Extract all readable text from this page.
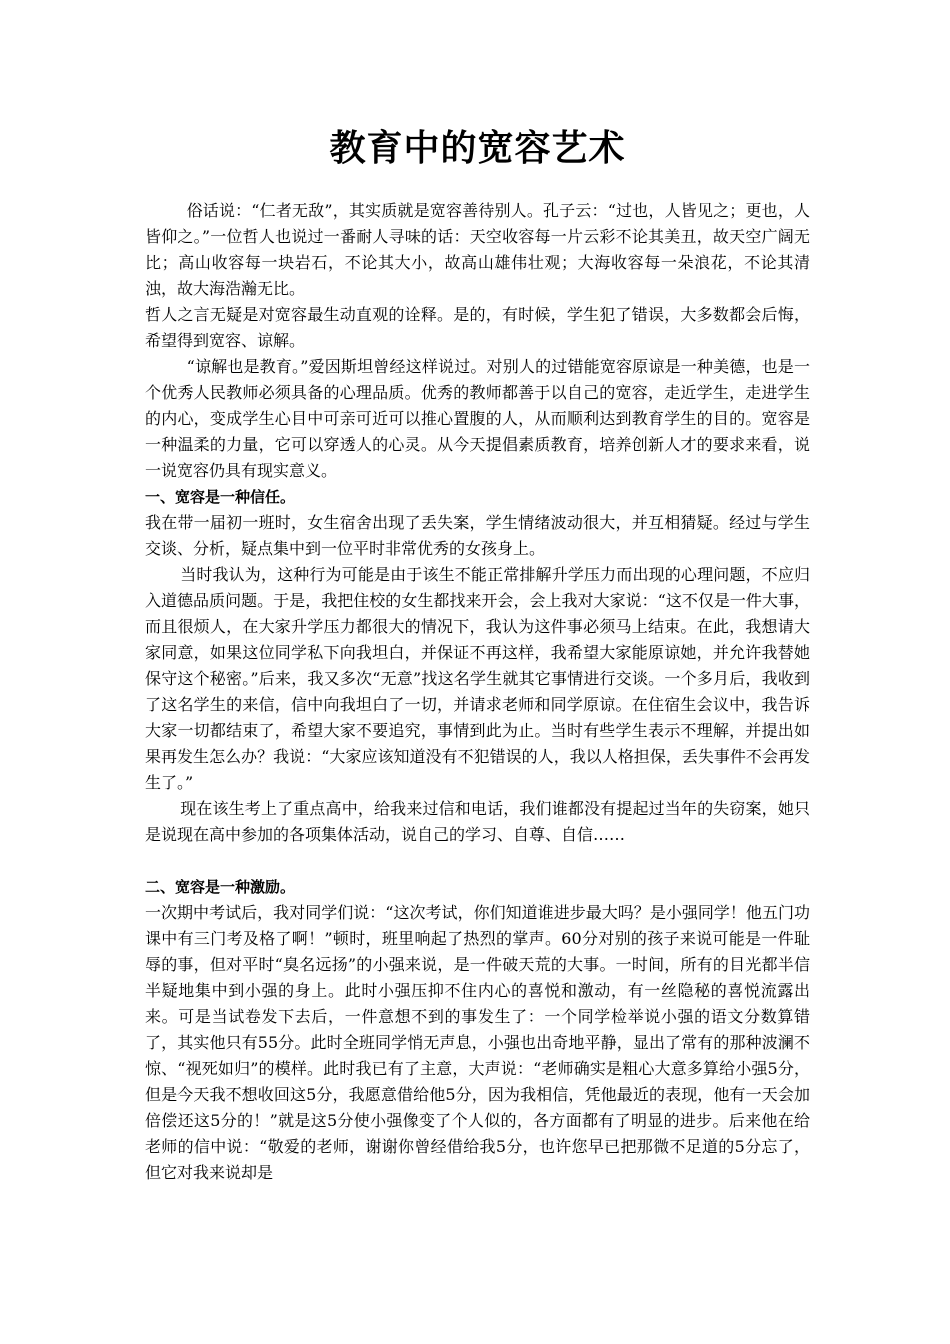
教育中的宽容艺术

俗话说：“仁者无敌”，其实质就是宽容善待别人。孔子云：“过也，人皆见之；更也，人皆仰之。”一位哲人也说过一番耐人寻味的话：天空收容每一片云彩不论其美丑，故天空广阔无比；高山收容每一块岩石，不论其大小，故高山雄伟壮观；大海收容每一朵浪花，不论其清浊，故大海浩瀚无比。

哲人之言无疑是对宽容最生动直观的诠释。是的，有时候，学生犯了错误，大多数都会后悔，希望得到宽容、谅解。

“谅解也是教育。”爱因斯坦曾经这样说过。对别人的过错能宽容原谅是一种美德，也是一个优秀人民教师必须具备的心理品质。优秀的教师都善于以自己的宽容，走近学生，走进学生的内心，变成学生心目中可亲可近可以推心置腹的人，从而顺利达到教育学生的目的。宽容是一种温柔的力量，它可以穿透人的心灵。从今天提倡素质教育，培养创新人才的要求来看，说一说宽容仍具有现实意义。

一、宽容是一种信任。

我在带一届初一班时，女生宿舍出现了丢失案，学生情绪波动很大，并互相猜疑。经过与学生交谈、分析，疑点集中到一位平时非常优秀的女孩身上。

当时我认为，这种行为可能是由于该生不能正常排解升学压力而出现的心理问题，不应归入道德品质问题。于是，我把住校的女生都找来开会，会上我对大家说：“这不仅是一件大事，而且很烦人，在大家升学压力都很大的情况下，我认为这件事必须马上结束。在此，我想请大家同意，如果这位同学私下向我坦白，并保证不再这样，我希望大家能原谅她，并允许我替她保守这个秘密。”后来，我又多次“无意”找这名学生就其它事情进行交谈。一个多月后，我收到了这名学生的来信，信中向我坦白了一切，并请求老师和同学原谅。在住宿生会议中，我告诉大家一切都结束了，希望大家不要追究，事情到此为止。当时有些学生表示不理解，并提出如果再发生怎么办？我说：“大家应该知道没有不犯错误的人，我以人格担保，丢失事件不会再发生了。”

现在该生考上了重点高中，给我来过信和电话，我们谁都没有提起过当年的失窃案，她只是说现在高中参加的各项集体活动，说自己的学习、自尊、自信……

二、宽容是一种激励。

一次期中考试后，我对同学们说：“这次考试，你们知道谁进步最大吗？是小强同学！他五门功课中有三门考及格了啊！”顿时，班里响起了热烈的掌声。60分对别的孩子来说可能是一件耻辱的事，但对平时“臭名远扬”的小强来说，是一件破天荒的大事。一时间，所有的目光都半信半疑地集中到小强的身上。此时小强压抑不住内心的喜悦和激动，有一丝隐秘的喜悦流露出来。可是当试卷发下去后，一件意想不到的事发生了：一个同学检举说小强的语文分数算错了，其实他只有55分。此时全班同学悄无声息，小强也出奇地平静，显出了常有的那种波澜不惊、“视死如归”的模样。此时我已有了主意，大声说：“老师确实是粗心大意多算给小强5分，但是今天我不想收回这5分，我愿意借给他5分，因为我相信，凭他最近的表现，他有一天会加倍偿还这5分的！”就是这5分使小强像变了个人似的，各方面都有了明显的进步。后来他在给老师的信中说：“敬爱的老师，谢谢你曾经借给我5分，也许您早已把那微不足道的5分忘了，但它对我来说却是
